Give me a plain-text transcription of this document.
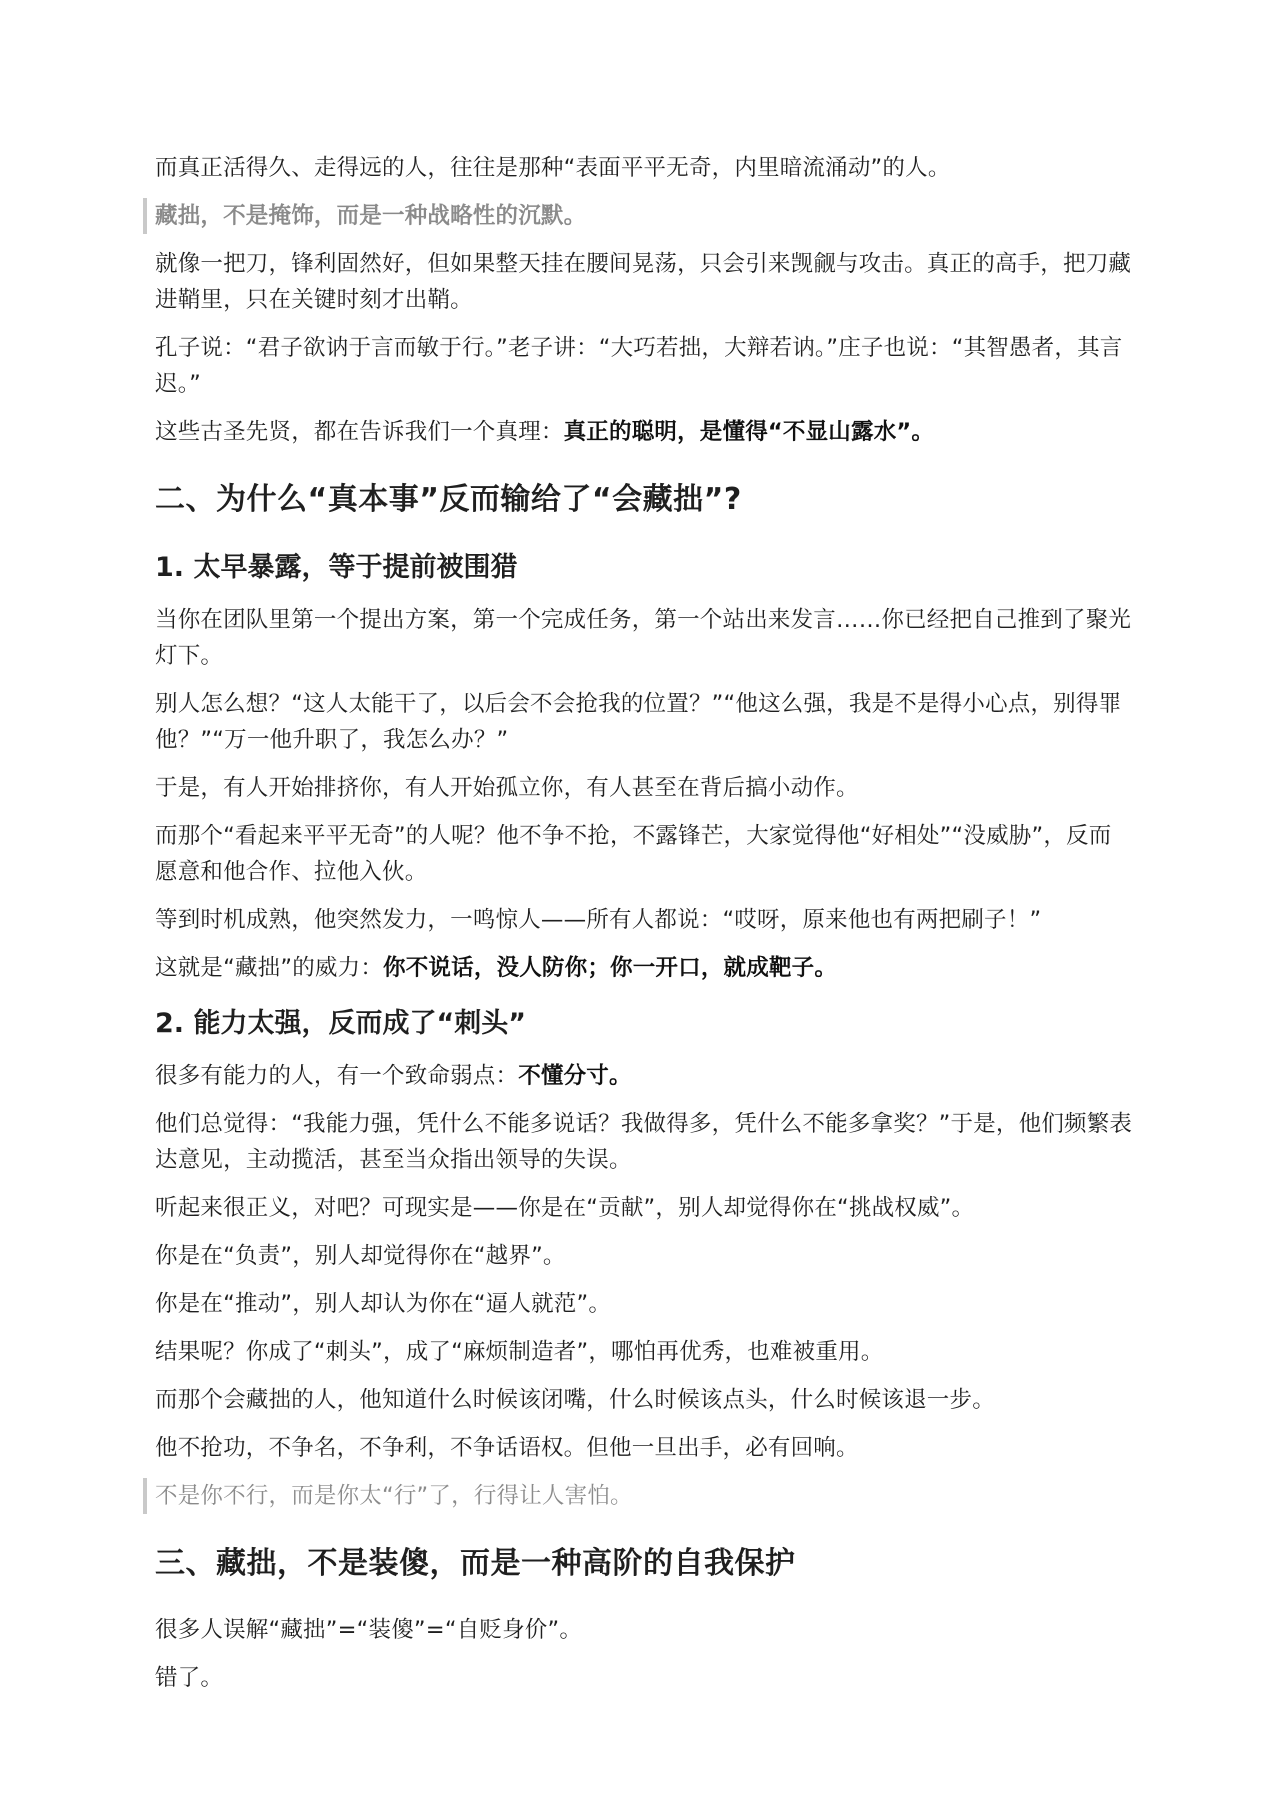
而真正活得久、走得远的人，往往是那种“表面平平无奇，内里暗流涌动”的人。

藏拙，不是掩饰，而是一种战略性的沉默。

就像一把刀，锋利固然好，但如果整天挂在腰间晃荡，只会引来觊觎与攻击。真正的高手，把刀藏进鞘里，只在关键时刻才出鞘。

孔子说：“君子欲讷于言而敏于行。”老子讲：“大巧若拙，大辩若讷。”庄子也说：“其智愚者，其言迟。”

这些古圣先贤，都在告诉我们一个真理：真正的聪明，是懂得“不显山露水”。

二、为什么“真本事”反而输给了“会藏拙”?
1. 太早暴露，等于提前被围猎

当你在团队里第一个提出方案，第一个完成任务，第一个站出来发言……你已经把自己推到了聚光灯下。

别人怎么想？“这人太能干了，以后会不会抢我的位置？”“他这么强，我是不是得小心点，别得罪他？”“万一他升职了，我怎么办？”

于是，有人开始排挤你，有人开始孤立你，有人甚至在背后搞小动作。

而那个“看起来平平无奇”的人呢？他不争不抢，不露锋芒，大家觉得他“好相处”“没威胁”，反而愿意和他合作、拉他入伙。

等到时机成熟，他突然发力，一鸣惊人——所有人都说：“哎呀，原来他也有两把刷子！”

这就是“藏拙”的威力：你不说话，没人防你；你一开口，就成靶子。

2. 能力太强，反而成了“刺头”

很多有能力的人，有一个致命弱点：不懂分寸。

他们总觉得：“我能力强，凭什么不能多说话？我做得多，凭什么不能多拿奖？”于是，他们频繁表达意见，主动揽活，甚至当众指出领导的失误。

听起来很正义，对吧？可现实是——你是在“贡献”，别人却觉得你在“挑战权威”。

你是在“负责”，别人却觉得你在“越界”。

你是在“推动”，别人却认为你在“逼人就范”。

结果呢？你成了“刺头”，成了“麻烦制造者”，哪怕再优秀，也难被重用。

而那个会藏拙的人，他知道什么时候该闭嘴，什么时候该点头，什么时候该退一步。

他不抢功，不争名，不争利，不争话语权。但他一旦出手，必有回响。

不是你不行，而是你太“行”了，行得让人害怕。

三、藏拙，不是装傻，而是一种高阶的自我保护

很多人误解“藏拙”=“装傻”=“自贬身价”。

错了。
